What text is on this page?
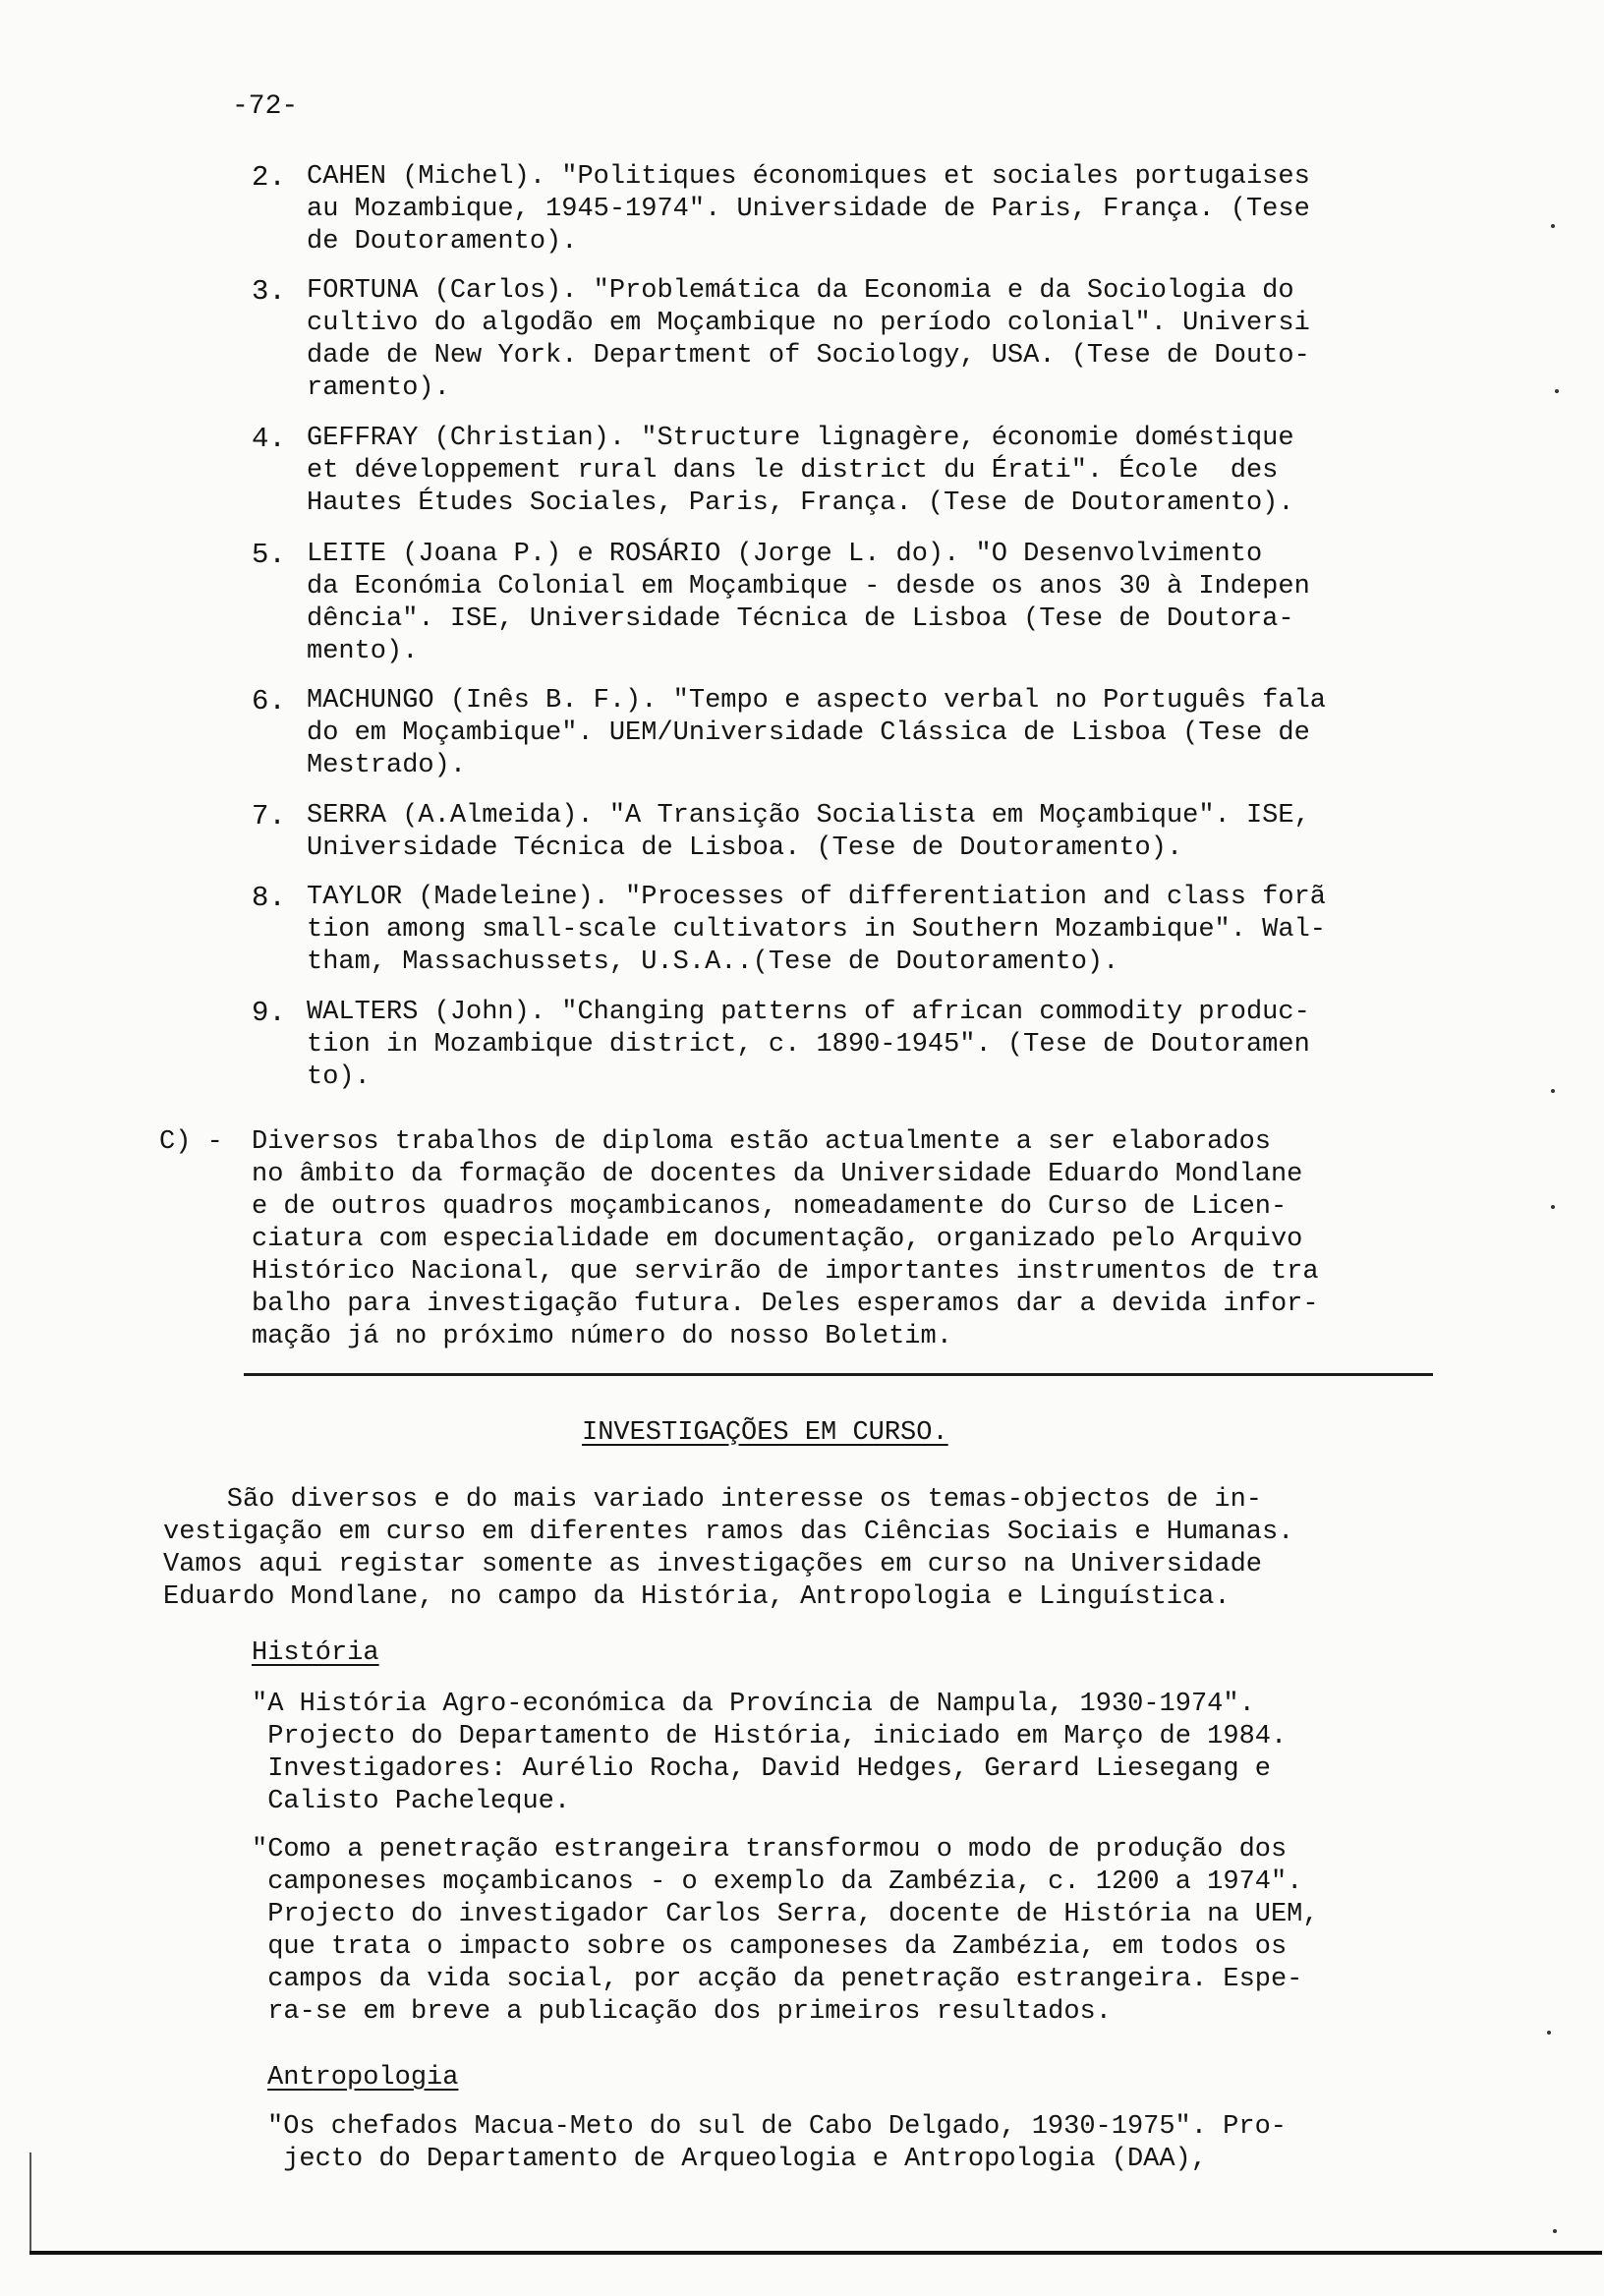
-72-
2. CAHEN (Michel). "Politiques économiques et sociales portugaises

au Mozambique, 1945-1974". Universidade de Paris, França. (Tese

de Doutoramento).

3. FORTUNA (Carlos). "Problemática da Economia e da Sociologia do

cultivo do algodão em Moçambique no período colonial". Universi

dade de New York. Department of Sociology, USA. (Tese de Douto-

ramento).

4. GEFFRAY (Christian). "Structure lignagère, économie doméstique

et développement rural dans le district du Érati". École  des

Hautes Études Sociales, Paris, França. (Tese de Doutoramento).

5. LEITE (Joana P.) e ROSÁRIO (Jorge L. do). "O Desenvolvimento

da Económia Colonial em Moçambique - desde os anos 30 à Indepen

dência". ISE, Universidade Técnica de Lisboa (Tese de Doutora-

mento).

6. MACHUNGO (Inês B. F.). "Tempo e aspecto verbal no Português fala

do em Moçambique". UEM/Universidade Clássica de Lisboa (Tese de

Mestrado).

7. SERRA (A.Almeida). "A Transição Socialista em Moçambique". ISE,

Universidade Técnica de Lisboa. (Tese de Doutoramento).

8. TAYLOR (Madeleine). "Processes of differentiation and class forã

tion among small-scale cultivators in Southern Mozambique". Wal-

tham, Massachussets, U.S.A..(Tese de Doutoramento).

9. WALTERS (John). "Changing patterns of african commodity produc-

tion in Mozambique district, c. 1890-1945". (Tese de Doutoramen

to).

C) - Diversos trabalhos de diploma estão actualmente a ser elaborados

no âmbito da formação de docentes da Universidade Eduardo Mondlane

e de outros quadros moçambicanos, nomeadamente do Curso de Licen-

ciatura com especialidade em documentação, organizado pelo Arquivo

Histórico Nacional, que servirão de importantes instrumentos de tra

balho para investigação futura. Deles esperamos dar a devida infor-

mação já no próximo número do nosso Boletim.

INVESTIGAÇÕES EM CURSO.

São diversos e do mais variado interesse os temas-objectos de in-

vestigação em curso em diferentes ramos das Ciências Sociais e Humanas.

Vamos aqui registar somente as investigações em curso na Universidade

Eduardo Mondlane, no campo da História, Antropologia e Linguística.

História

"A História Agro-económica da Província de Nampula, 1930-1974".

Projecto do Departamento de História, iniciado em Março de 1984.

Investigadores: Aurélio Rocha, David Hedges, Gerard Liesegang e

Calisto Pacheleque.

"Como a penetração estrangeira transformou o modo de produção dos

camponeses moçambicanos - o exemplo da Zambézia, c. 1200 a 1974".

Projecto do investigador Carlos Serra, docente de História na UEM,

que trata o impacto sobre os camponeses da Zambézia, em todos os

campos da vida social, por acção da penetração estrangeira. Espe-

ra-se em breve a publicação dos primeiros resultados.

Antropologia

"Os chefados Macua-Meto do sul de Cabo Delgado, 1930-1975". Pro-

jecto do Departamento de Arqueologia e Antropologia (DAA),
